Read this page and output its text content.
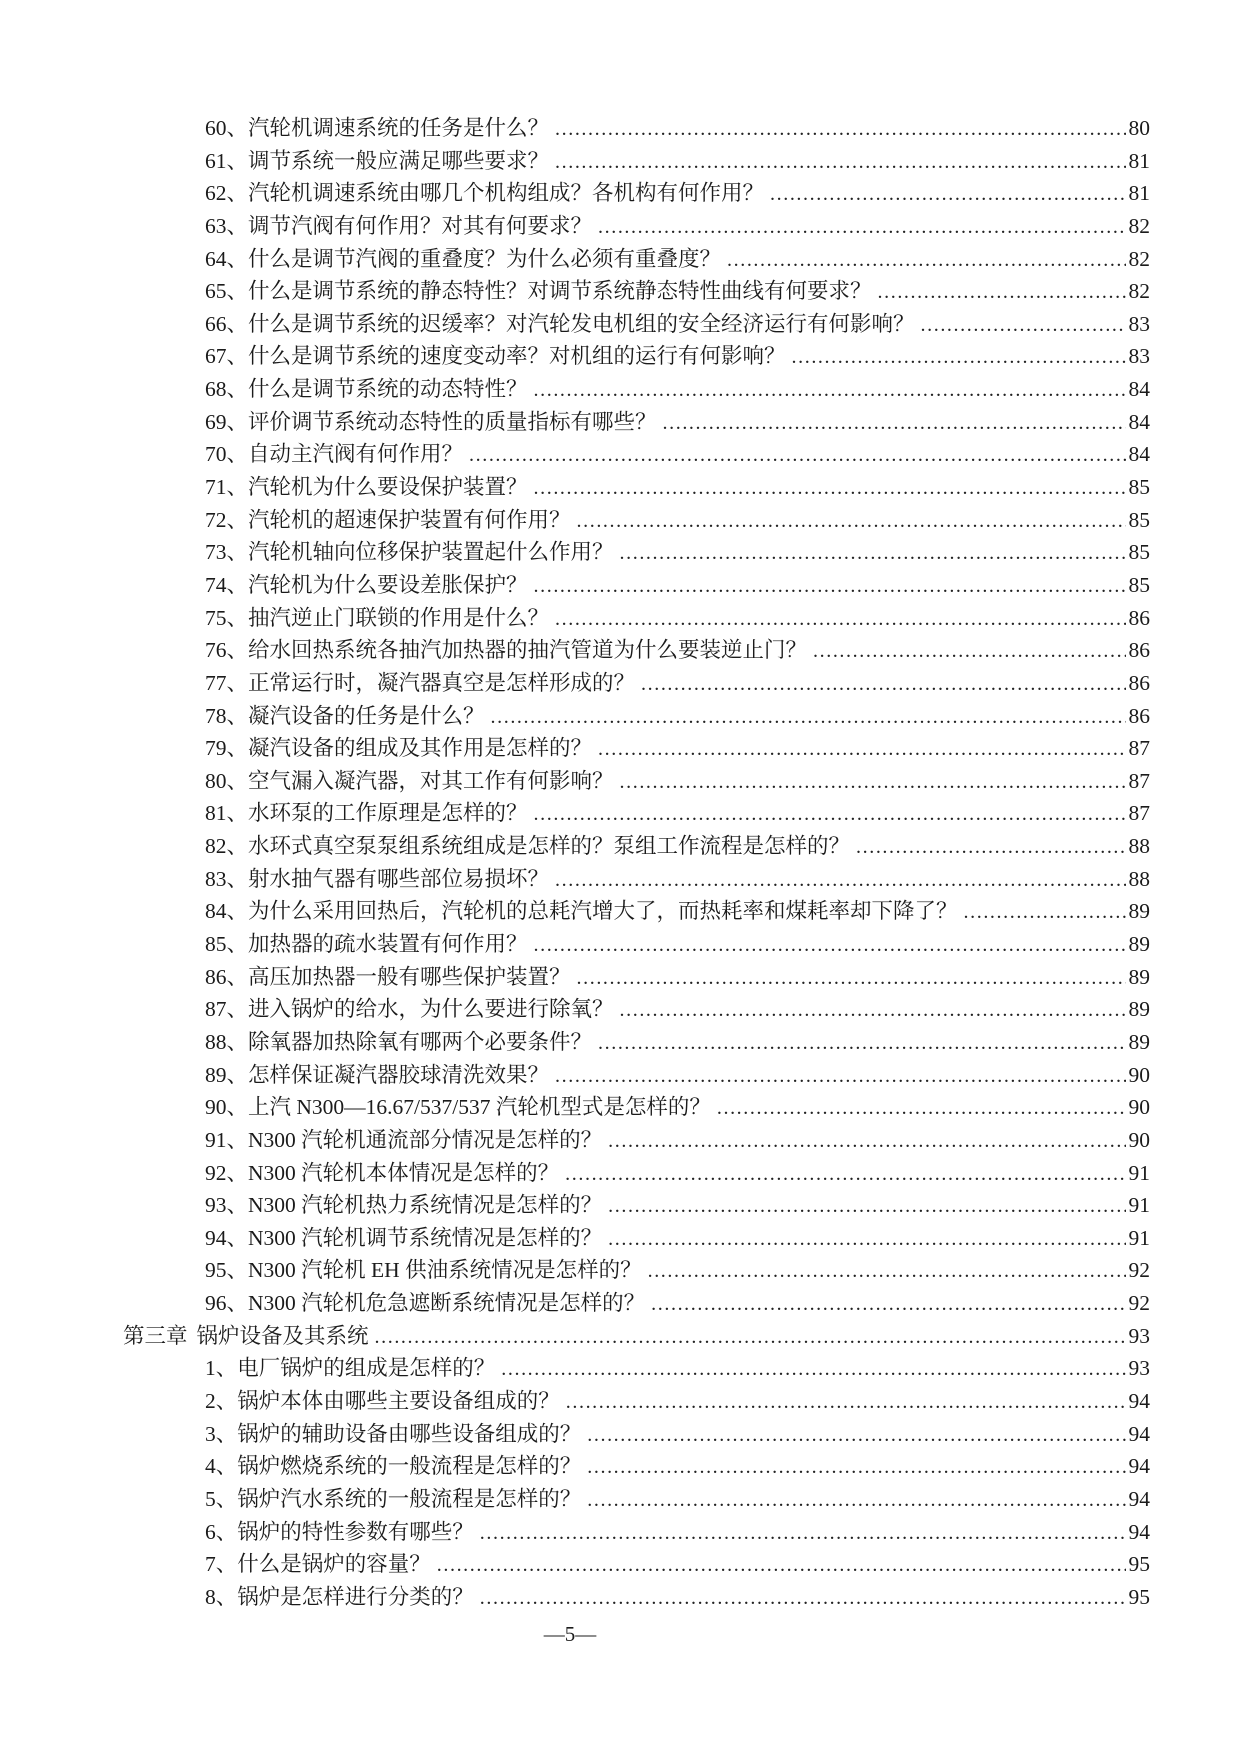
60、 汽轮机调速系统的任务是什么？ .....	80
61、 调节系统一般应满足哪些要求？ .....	81
62、 汽轮机调速系统由哪几个机构组成？各机构有何作用？ .....	81
63、 调节汽阀有何作用？对其有何要求？ .....	82
64、 什么是调节汽阀的重叠度？为什么必须有重叠度？ .....	82
65、 什么是调节系统的静态特性？对调节系统静态特性曲线有何要求？ .....	82
66、 什么是调节系统的迟缓率？对汽轮发电机组的安全经济运行有何影响？ .....	83
67、 什么是调节系统的速度变动率？对机组的运行有何影响？ .....	83
68、 什么是调节系统的动态特性？ .....	84
69、 评价调节系统动态特性的质量指标有哪些？ .....	84
70、 自动主汽阀有何作用？ .....	84
71、 汽轮机为什么要设保护装置？ .....	85
72、 汽轮机的超速保护装置有何作用？ .....	85
73、 汽轮机轴向位移保护装置起什么作用？ .....	85
74、 汽轮机为什么要设差胀保护？ .....	85
75、 抽汽逆止门联锁的作用是什么？ .....	86
76、 给水回热系统各抽汽加热器的抽汽管道为什么要装逆止门？ .....	86
77、 正常运行时，凝汽器真空是怎样形成的？ .....	86
78、 凝汽设备的任务是什么？ .....	86
79、 凝汽设备的组成及其作用是怎样的？ .....	87
80、 空气漏入凝汽器，对其工作有何影响？ .....	87
81、 水环泵的工作原理是怎样的？ .....	87
82、 水环式真空泵泵组系统组成是怎样的？泵组工作流程是怎样的？ .....	88
83、 射水抽气器有哪些部位易损坏？ .....	88
84、 为什么采用回热后，汽轮机的总耗汽增大了，而热耗率和煤耗率却下降了？ .....	89
85、 加热器的疏水装置有何作用？ .....	89
86、 高压加热器一般有哪些保护装置？ .....	89
87、 进入锅炉的给水，为什么要进行除氧？ .....	89
88、 除氧器加热除氧有哪两个必要条件？ .....	89
89、 怎样保证凝汽器胶球清洗效果？ .....	90
90、 上汽 N300—16.67/537/537 汽轮机型式是怎样的？ .....	90
91、 N300 汽轮机通流部分情况是怎样的？ .....	90
92、 N300 汽轮机本体情况是怎样的？ .....	91
93、 N300 汽轮机热力系统情况是怎样的？ .....	91
94、 N300 汽轮机调节系统情况是怎样的？ .....	91
95、 N300 汽轮机 EH 供油系统情况是怎样的？ .....	92
96、 N300 汽轮机危急遮断系统情况是怎样的？ .....	92
第三章 锅炉设备及其系统 .....	93
1、 电厂锅炉的组成是怎样的？ .....	93
2、 锅炉本体由哪些主要设备组成的？ .....	94
3、 锅炉的辅助设备由哪些设备组成的？ .....	94
4、 锅炉燃烧系统的一般流程是怎样的？ .....	94
5、 锅炉汽水系统的一般流程是怎样的？ .....	94
6、 锅炉的特性参数有哪些？ .....	94
7、 什么是锅炉的容量？ .....	95
8、 锅炉是怎样进行分类的？ .....	95
—5—
